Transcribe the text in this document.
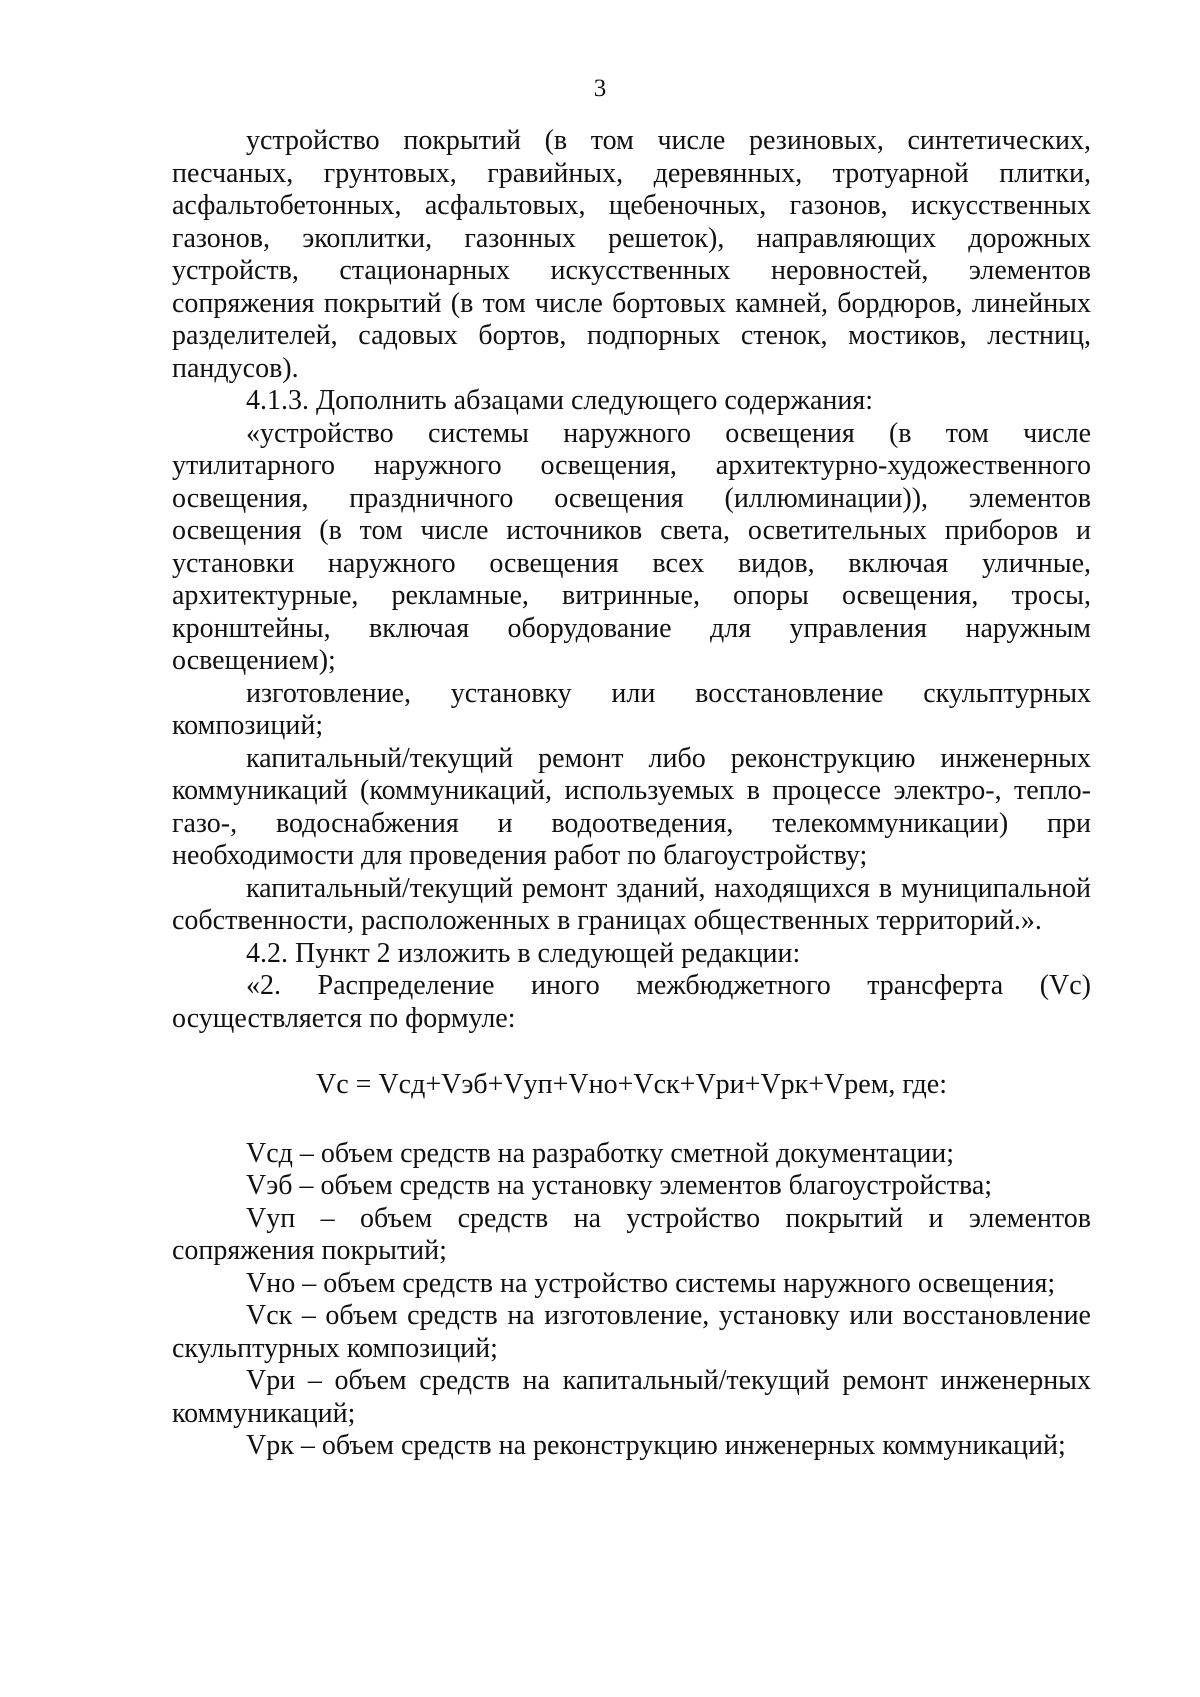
3

устройство покрытий (в том числе резиновых, синтетических, песчаных, грунтовых, гравийных, деревянных, тротуарной плитки, асфальтобетонных, асфальтовых, щебеночных, газонов, искусственных газонов, экоплитки, газонных решеток), направляющих дорожных устройств, стационарных искусственных неровностей, элементов сопряжения покрытий (в том числе бортовых камней, бордюров, линейных разделителей, садовых бортов, подпорных стенок, мостиков, лестниц, пандусов).

4.1.3. Дополнить абзацами следующего содержания:

«устройство системы наружного освещения (в том числе утилитарного наружного освещения, архитектурно-художественного освещения, праздничного освещения (иллюминации)), элементов освещения (в том числе источников света, осветительных приборов и установки наружного освещения всех видов, включая уличные, архитектурные, рекламные, витринные, опоры освещения, тросы, кронштейны, включая оборудование для управления наружным освещением);

изготовление, установку или восстановление скульптурных композиций;

капитальный/текущий ремонт либо реконструкцию инженерных коммуникаций (коммуникаций, используемых в процессе электро-, тепло- газо-, водоснабжения и водоотведения, телекоммуникации) при необходимости для проведения работ по благоустройству;

капитальный/текущий ремонт зданий, находящихся в муниципальной собственности, расположенных в границах общественных территорий.».

4.2. Пункт 2 изложить в следующей редакции:

«2. Распределение иного межбюджетного трансферта (Vс) осуществляется по формуле:

Vс = Vсд+Vэб+Vуп+Vно+Vск+Vри+Vрк+Vрем, где:

Vсд – объем средств на разработку сметной документации;

Vэб – объем средств на установку элементов благоустройства;

Vуп – объем средств на устройство покрытий и элементов сопряжения покрытий;

Vно – объем средств на устройство системы наружного освещения;

Vск – объем средств на изготовление, установку или восстановление скульптурных композиций;

Vри – объем средств на капитальный/текущий ремонт инженерных коммуникаций;

Vрк – объем средств на реконструкцию инженерных коммуникаций;
